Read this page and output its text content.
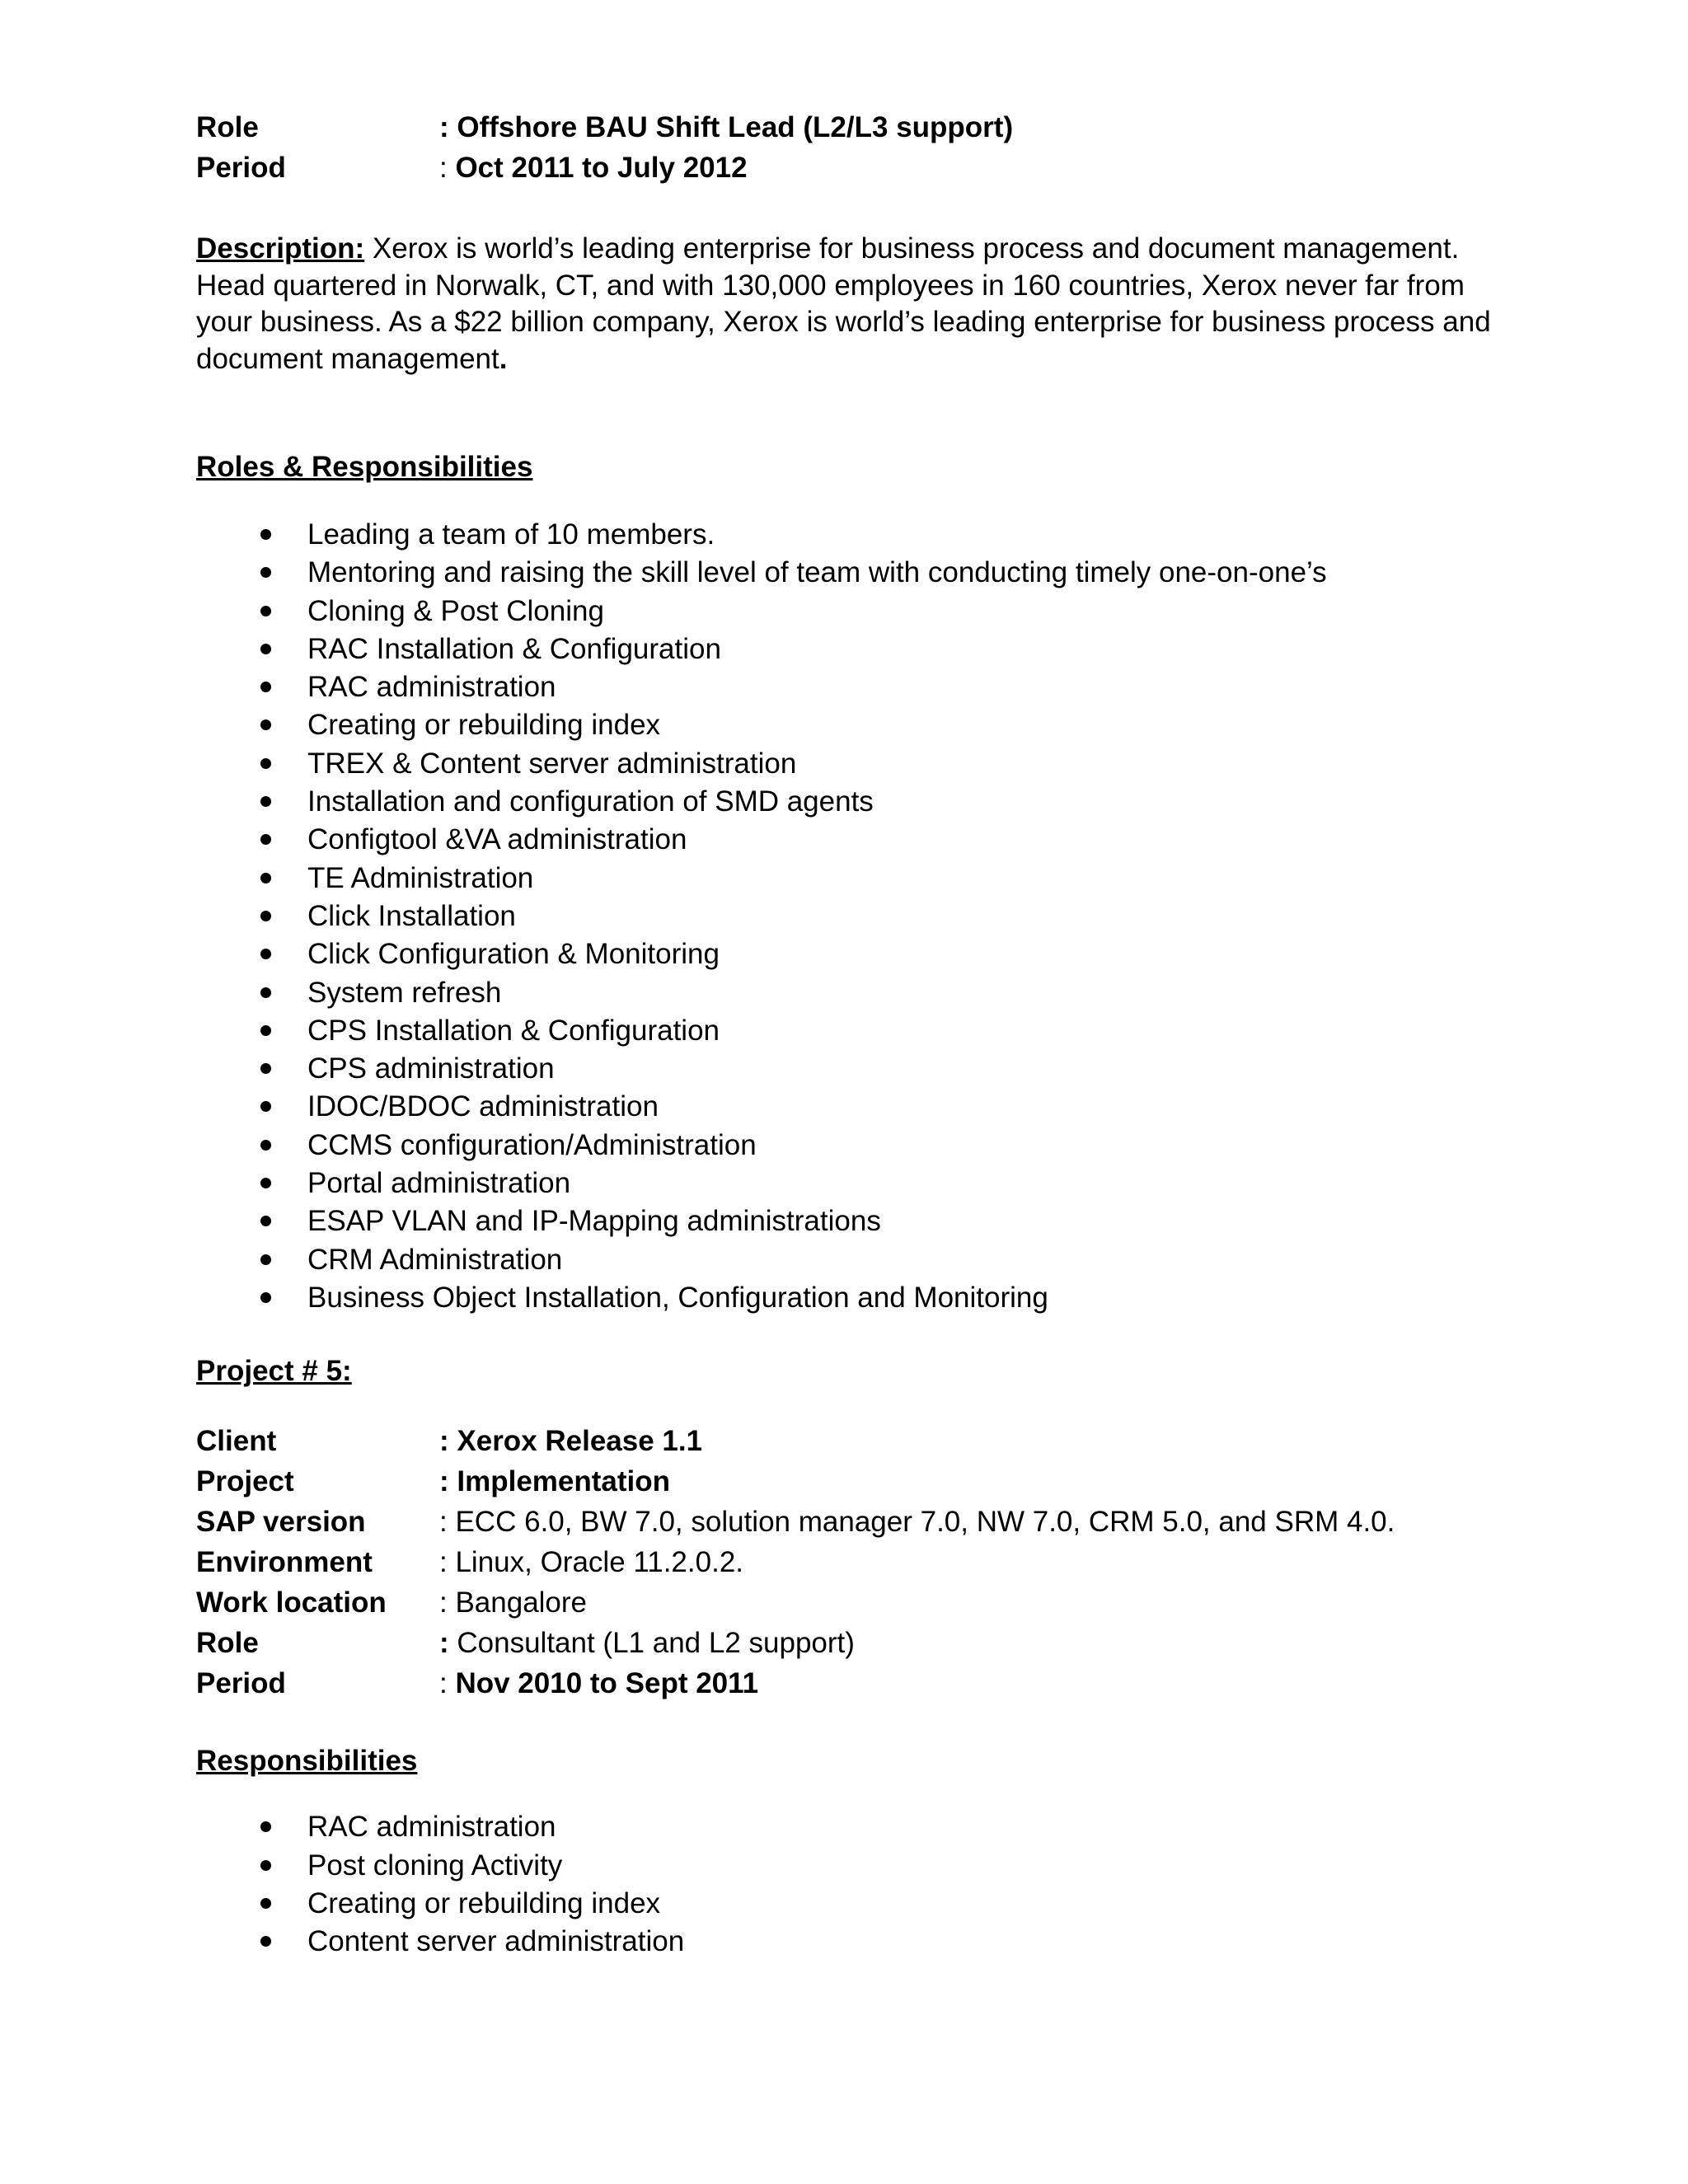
Role	: Offshore BAU Shift Lead (L2/L3 support)
Period	: Oct 2011 to July 2012
Description: Xerox is world’s leading enterprise for business process and document management. Head quartered in Norwalk, CT, and with 130,000 employees in 160 countries, Xerox never far from your business. As a $22 billion company, Xerox is world’s leading enterprise for business process and document management.
Roles & Responsibilities
Leading a team of 10 members.
Mentoring and raising the skill level of team with conducting timely one-on-one’s
Cloning & Post Cloning
RAC Installation & Configuration
RAC administration
Creating or rebuilding index
TREX & Content server administration
Installation and configuration of SMD agents
Configtool &VA administration
TE Administration
Click Installation
Click Configuration & Monitoring
System refresh
CPS Installation & Configuration
CPS administration
IDOC/BDOC administration
CCMS configuration/Administration
Portal administration
ESAP VLAN and IP-Mapping administrations
CRM Administration
Business Object Installation, Configuration and Monitoring
Project # 5:
Client	: Xerox Release 1.1
Project	: Implementation
SAP version	: ECC 6.0, BW 7.0, solution manager 7.0, NW 7.0, CRM 5.0, and SRM 4.0.
Environment	: Linux, Oracle 11.2.0.2.
Work location	: Bangalore
Role	: Consultant (L1 and L2 support)
Period	: Nov 2010 to Sept 2011
Responsibilities
RAC administration
Post cloning Activity
Creating or rebuilding index
Content server administration
